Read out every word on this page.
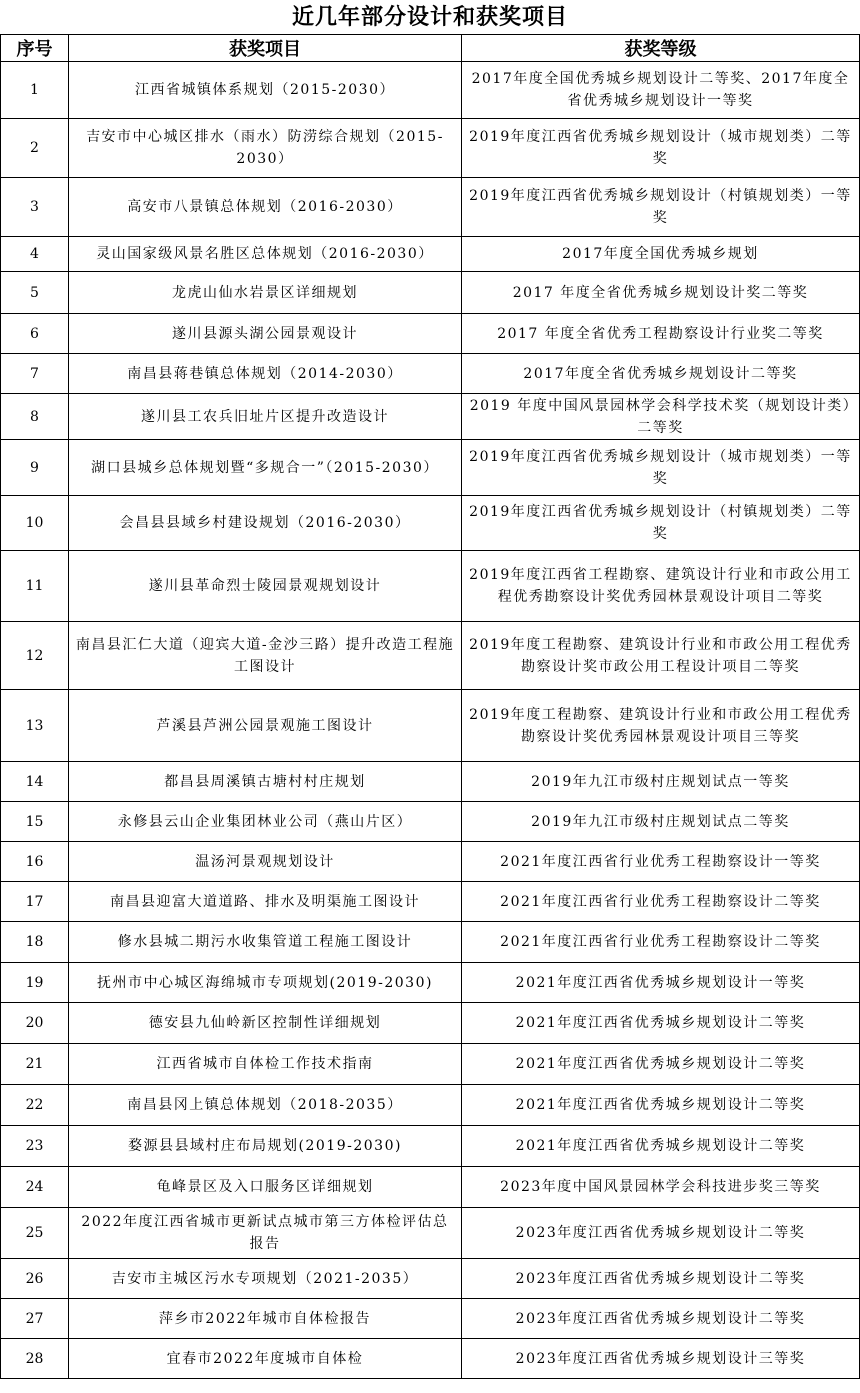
近几年部分设计和获奖项目
序号	获奖项目	获奖等级
1	江西省城镇体系规划（2015-2030）	2017年度全国优秀城乡规划设计二等奖、2017年度全省优秀城乡规划设计一等奖
2	吉安市中心城区排水（雨水）防涝综合规划（2015-2030）	2019年度江西省优秀城乡规划设计（城市规划类）二等奖
3	高安市八景镇总体规划（2016-2030）	2019年度江西省优秀城乡规划设计（村镇规划类）一等奖
4	灵山国家级风景名胜区总体规划（2016-2030）	2017年度全国优秀城乡规划
5	龙虎山仙水岩景区详细规划	2017 年度全省优秀城乡规划设计奖二等奖
6	遂川县源头湖公园景观设计	2017 年度全省优秀工程勘察设计行业奖二等奖
7	南昌县蒋巷镇总体规划（2014-2030）	2017年度全省优秀城乡规划设计二等奖
8	遂川县工农兵旧址片区提升改造设计	2019 年度中国风景园林学会科学技术奖（规划设计类）二等奖
9	湖口县城乡总体规划暨“多规合一”（2015-2030）	2019年度江西省优秀城乡规划设计（城市规划类）一等奖
10	会昌县县域乡村建设规划（2016-2030）	2019年度江西省优秀城乡规划设计（村镇规划类）二等奖
11	遂川县革命烈士陵园景观规划设计	2019年度江西省工程勘察、建筑设计行业和市政公用工程优秀勘察设计奖优秀园林景观设计项目二等奖
12	南昌县汇仁大道（迎宾大道-金沙三路）提升改造工程施工图设计	2019年度工程勘察、建筑设计行业和市政公用工程优秀勘察设计奖市政公用工程设计项目二等奖
13	芦溪县芦洲公园景观施工图设计	2019年度工程勘察、建筑设计行业和市政公用工程优秀勘察设计奖优秀园林景观设计项目三等奖
14	都昌县周溪镇古塘村村庄规划	2019年九江市级村庄规划试点一等奖
15	永修县云山企业集团林业公司（燕山片区）	2019年九江市级村庄规划试点二等奖
16	温汤河景观规划设计	2021年度江西省行业优秀工程勘察设计一等奖
17	南昌县迎富大道道路、排水及明渠施工图设计	2021年度江西省行业优秀工程勘察设计二等奖
18	修水县城二期污水收集管道工程施工图设计	2021年度江西省行业优秀工程勘察设计二等奖
19	抚州市中心城区海绵城市专项规划(2019-2030)	2021年度江西省优秀城乡规划设计一等奖
20	德安县九仙岭新区控制性详细规划	2021年度江西省优秀城乡规划设计二等奖
21	江西省城市自体检工作技术指南	2021年度江西省优秀城乡规划设计二等奖
22	南昌县冈上镇总体规划（2018-2035）	2021年度江西省优秀城乡规划设计二等奖
23	婺源县县域村庄布局规划(2019-2030)	2021年度江西省优秀城乡规划设计二等奖
24	龟峰景区及入口服务区详细规划	2023年度中国风景园林学会科技进步奖三等奖
25	2022年度江西省城市更新试点城市第三方体检评估总报告	2023年度江西省优秀城乡规划设计二等奖
26	吉安市主城区污水专项规划（2021-2035）	2023年度江西省优秀城乡规划设计二等奖
27	萍乡市2022年城市自体检报告	2023年度江西省优秀城乡规划设计二等奖
28	宜春市2022年度城市自体检	2023年度江西省优秀城乡规划设计三等奖
